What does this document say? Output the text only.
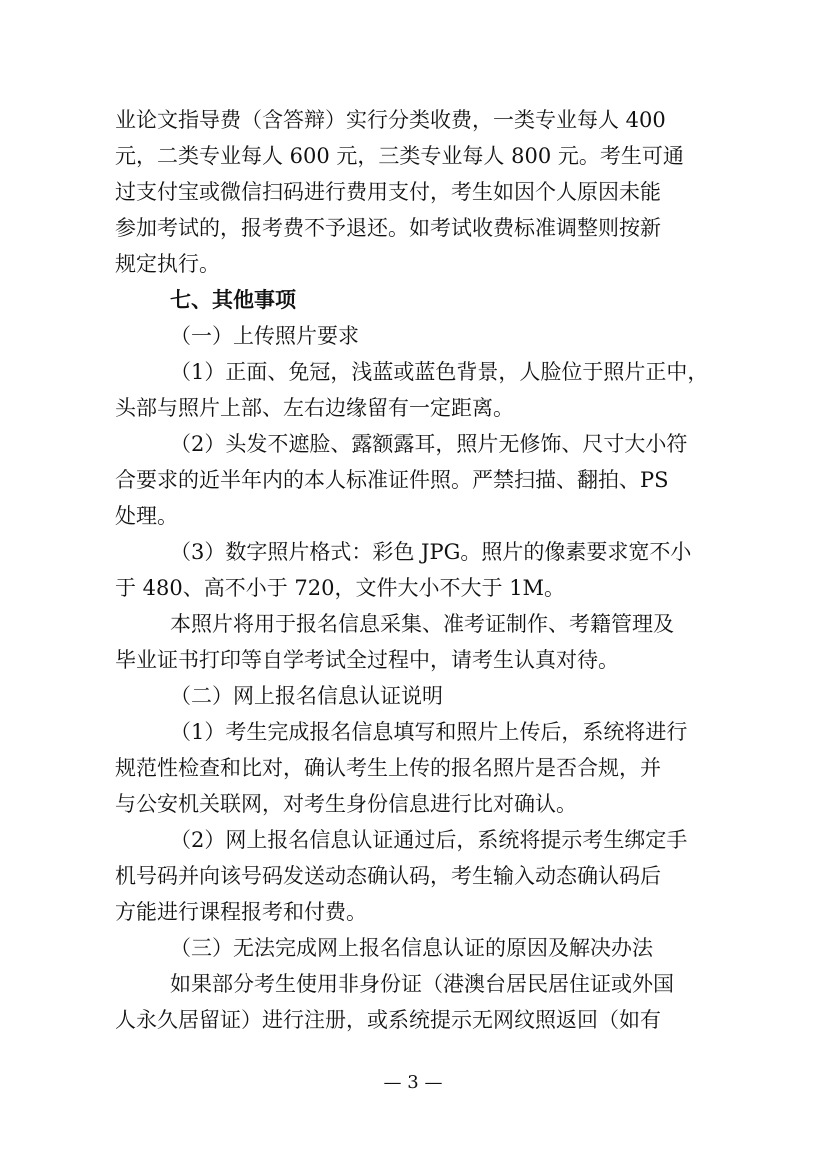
业论文指导费（含答辩）实行分类收费，一类专业每人 400
元，二类专业每人 600 元，三类专业每人 800 元。考生可通
过支付宝或微信扫码进行费用支付，考生如因个人原因未能
参加考试的，报考费不予退还。如考试收费标准调整则按新
规定执行。
七、其他事项
（一）上传照片要求
（1）正面、免冠，浅蓝或蓝色背景，人脸位于照片正中，
头部与照片上部、左右边缘留有一定距离。
（2）头发不遮脸、露额露耳，照片无修饰、尺寸大小符
合要求的近半年内的本人标准证件照。严禁扫描、翻拍、PS
处理。
（3）数字照片格式：彩色 JPG。照片的像素要求宽不小
于 480、高不小于 720，文件大小不大于 1M。
本照片将用于报名信息采集、准考证制作、考籍管理及
毕业证书打印等自学考试全过程中，请考生认真对待。
（二）网上报名信息认证说明
（1）考生完成报名信息填写和照片上传后，系统将进行
规范性检查和比对，确认考生上传的报名照片是否合规，并
与公安机关联网，对考生身份信息进行比对确认。
（2）网上报名信息认证通过后，系统将提示考生绑定手
机号码并向该号码发送动态确认码，考生输入动态确认码后
方能进行课程报考和付费。
（三）无法完成网上报名信息认证的原因及解决办法
如果部分考生使用非身份证（港澳台居民居住证或外国
人永久居留证）进行注册，或系统提示无网纹照返回（如有
— 3 —
